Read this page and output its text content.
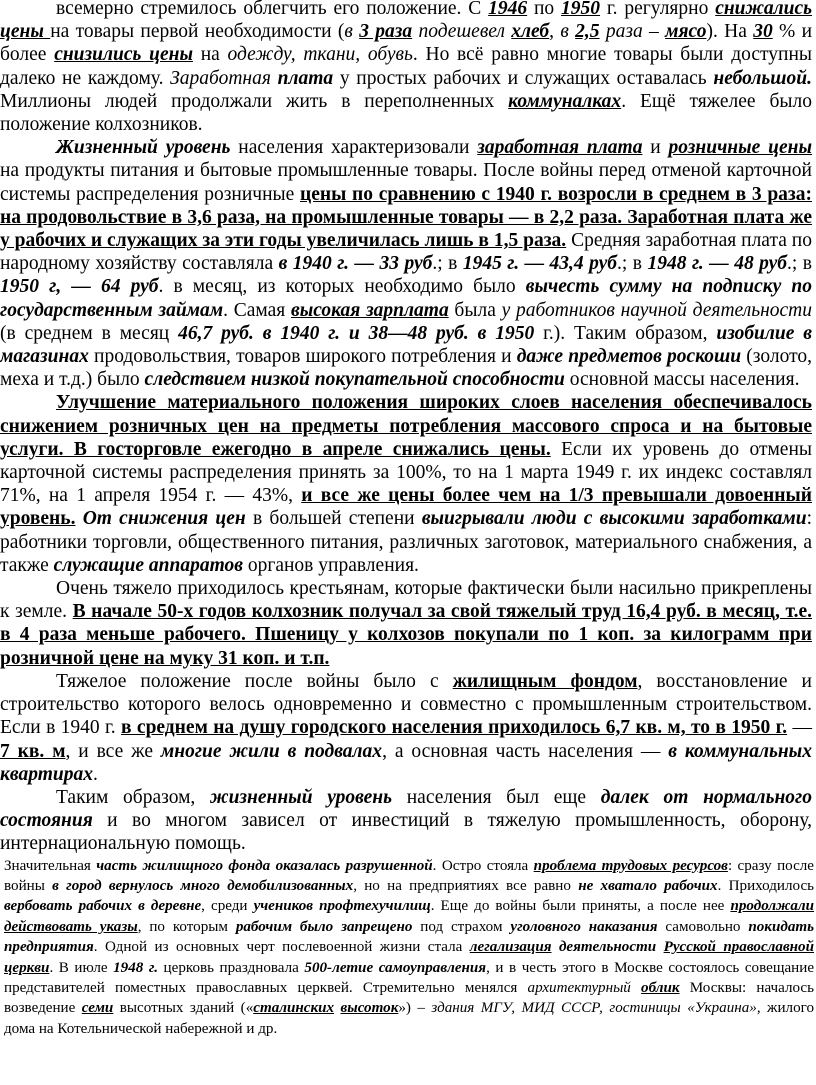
всемерно стремилось облегчить его положение. С 1946 по 1950 г. регулярно снижались цены на товары первой необходимости (в 3 раза подешевел хлеб, в 2,5 раза – мясо). На 30 % и более снизились цены на одежду, ткани, обувь. Но всё равно многие товары были доступны далеко не каждому. Заработная плата у простых рабочих и служащих оставалась небольшой. Миллионы людей продолжали жить в переполненных коммуналках. Ещё тяжелее было положение колхозников.

Жизненный уровень населения характеризовали заработная плата и розничные цены на продукты питания и бытовые промышленные товары. После войны перед отменой карточной системы распределения розничные цены по сравнению с 1940 г. возросли в среднем в 3 раза: на продовольствие в 3,6 раза, на промышленные товары — в 2,2 раза. Заработная плата же у рабочих и служащих за эти годы увеличилась лишь в 1,5 раза. Средняя заработная плата по народному хозяйству составляла в 1940 г. — 33 руб.; в 1945 г. — 43,4 руб.; в 1948 г. — 48 руб.; в 1950 г, — 64 руб. в месяц, из которых необходимо было вычесть сумму на подписку по государственным займам. Самая высокая зарплата была у работников научной деятельности (в среднем в месяц 46,7 руб. в 1940 г. и 38—48 руб. в 1950 г.). Таким образом, изобилие в магазинах продовольствия, товаров широкого потребления и даже предметов роскоши (золото, меха и т.д.) было следствием низкой покупательной способности основной массы населения.

Улучшение материального положения широких слоев населения обеспечивалось снижением розничных цен на предметы потребления массового спроса и на бытовые услуги. В госторговле ежегодно в апреле снижались цены. Если их уровень до отмены карточной системы распределения принять за 100%, то на 1 марта 1949 г. их индекс составлял 71%, на 1 апреля 1954 г. — 43%, и все же цены более чем на 1/3 превышали довоенный уровень. От снижения цен в большей степени выигрывали люди с высокими заработками: работники торговли, общественного питания, различных заготовок, материального снабжения, а также служащие аппаратов органов управления.

Очень тяжело приходилось крестьянам, которые фактически были насильно прикреплены к земле. В начале 50-х годов колхозник получал за свой тяжелый труд 16,4 руб. в месяц, т.е. в 4 раза меньше рабочего. Пшеницу у колхозов покупали по 1 коп. за килограмм при розничной цене на муку 31 коп. и т.п.

Тяжелое положение после войны было с жилищным фондом, восстановление и строительство которого велось одновременно и совместно с промышленным строительством. Если в 1940 г. в среднем на душу городского населения приходилось 6,7 кв. м, то в 1950 г. — 7 кв. м, и все же многие жили в подвалах, а основная часть населения — в коммунальных квартирах.

Таким образом, жизненный уровень населения был еще далек от нормального состояния и во многом зависел от инвестиций в тяжелую промышленность, оборону, интернациональную помощь.

Значительная часть жилищного фонда оказалась разрушенной. Остро стояла проблема трудовых ресурсов: сразу после войны в город вернулось много демобилизованных, но на предприятиях все равно не хватало рабочих. Приходилось вербовать рабочих в деревне, среди учеников профтехучилищ. Еще до войны были приняты, а после нее продолжали действовать указы, по которым рабочим было запрещено под страхом уголовного наказания самовольно покидать предприятия. Одной из основных черт послевоенной жизни стала легализация деятельности Русской православной церкви. В июле 1948 г. церковь праздновала 500-летие самоуправления, и в честь этого в Москве состоялось совещание представителей поместных православных церквей. Стремительно менялся архитектурный облик Москвы: началось возведение семи высотных зданий («сталинских высоток») – здания МГУ, МИД СССР, гостиницы «Украина», жилого дома на Котельнической набережной и др.
